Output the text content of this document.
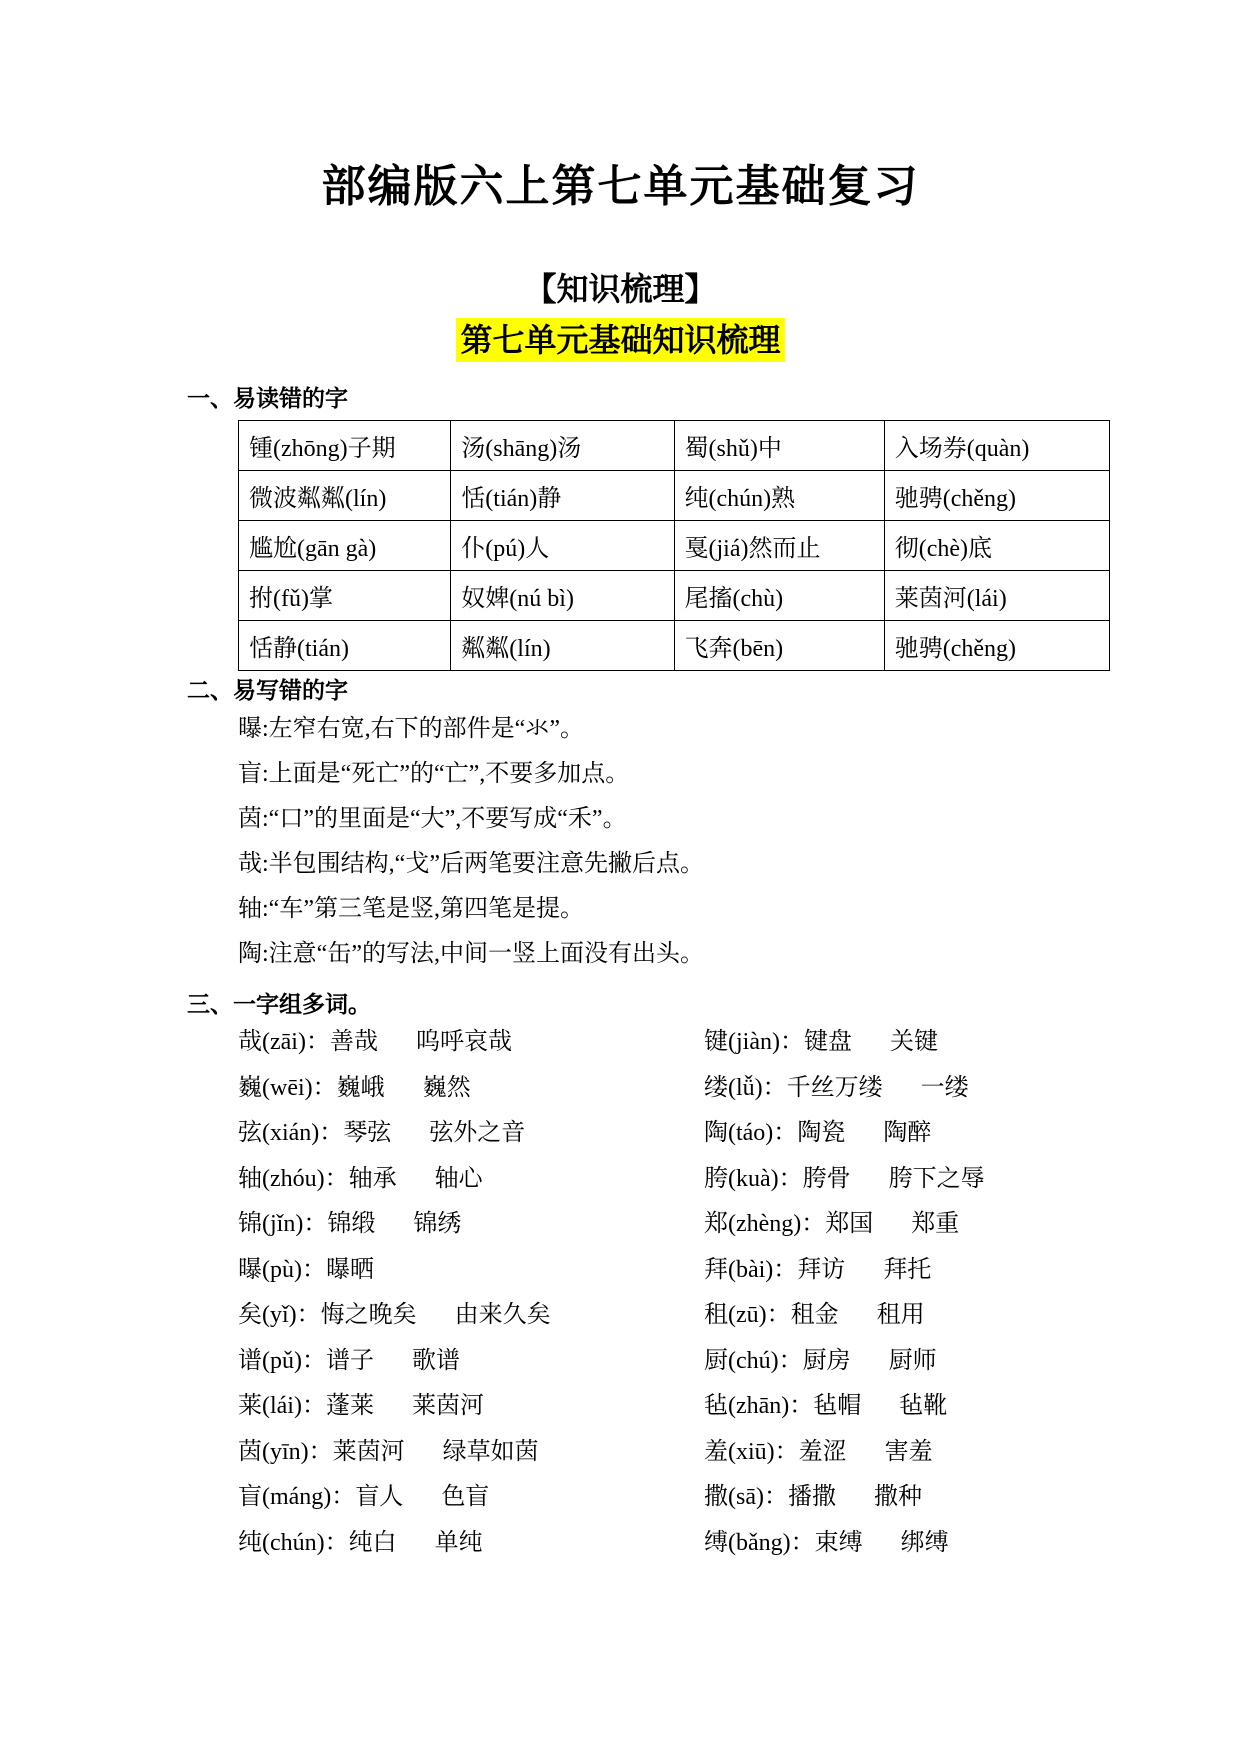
部编版六上第七单元基础复习
【知识梳理】
第七单元基础知识梳理
一、易读错的字
锺(zhōng)子期	汤(shāng)汤	蜀(shǔ)中	入场券(quàn)
微波粼粼(lín)	恬(tián)静	纯(chún)熟	驰骋(chěng)
尴尬(gān gà)	仆(pú)人	戛(jiá)然而止	彻(chè)底
拊(fǔ)掌	奴婢(nú bì)	尾搐(chù)	莱茵河(lái)
恬静(tián)	粼粼(lín)	飞奔(bēn)	驰骋(chěng)
二、易写错的字
曝:左窄右宽,右下的部件是“氺”。
盲:上面是“死亡”的“亡”,不要多加点。
茵:“口”的里面是“大”,不要写成“禾”。
哉:半包围结构,“戈”后两笔要注意先撇后点。
轴:“车”第三笔是竖,第四笔是提。
陶:注意“缶”的写法,中间一竖上面没有出头。
三、一字组多词。
哉(zāi)：善哉 呜呼哀哉
巍(wēi)：巍峨 巍然
弦(xián)：琴弦 弦外之音
轴(zhóu)：轴承 轴心
锦(jǐn)：锦缎 锦绣
曝(pù)：曝晒
矣(yǐ)：悔之晚矣 由来久矣
谱(pǔ)：谱子 歌谱
莱(lái)：蓬莱 莱茵河
茵(yīn)：莱茵河 绿草如茵
盲(máng)：盲人 色盲
纯(chún)：纯白 单纯
键(jiàn)：键盘 关键
缕(lǚ)：千丝万缕 一缕
陶(táo)：陶瓷 陶醉
胯(kuà)：胯骨 胯下之辱
郑(zhèng)：郑国 郑重
拜(bài)：拜访 拜托
租(zū)：租金 租用
厨(chú)：厨房 厨师
毡(zhān)：毡帽 毡靴
羞(xiū)：羞涩 害羞
撒(sā)：播撒 撒种
缚(bǎng)：束缚 绑缚
